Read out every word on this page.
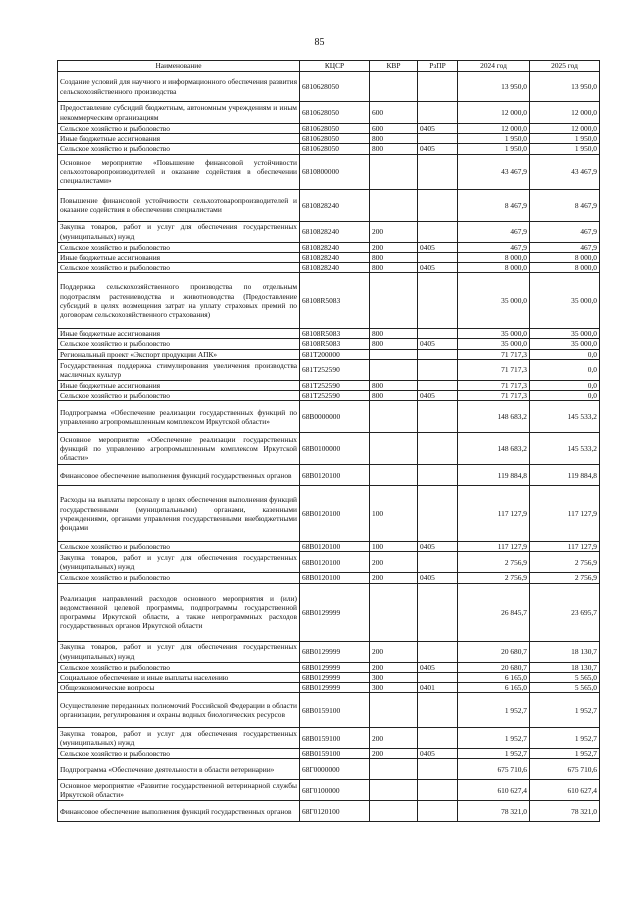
85
Наименование	КЦСР	КВР	РзПР	2024 год	2025 год
Создание условий для научного и информационного обеспечения развития сельскохозяйственного производства	6810628050			13 950,0	13 950,0
Предоставление субсидий бюджетным, автономным учреждениям и иным некоммерческим организациям	6810628050	600		12 000,0	12 000,0
Сельское хозяйство и рыболовство	6810628050	600	0405	12 000,0	12 000,0
Иные бюджетные ассигнования	6810628050	800		1 950,0	1 950,0
Сельское хозяйство и рыболовство	6810628050	800	0405	1 950,0	1 950,0
Основное мероприятие «Повышение финансовой устойчивости сельхозтоваропроизводителей и оказание содействия в обеспечении специалистами»	6810800000			43 467,9	43 467,9
Повышение финансовой устойчивости сельхозтоваропроизводителей и оказание содействия в обеспечении специалистами	6810828240			8 467,9	8 467,9
Закупка товаров, работ и услуг для обеспечения государственных (муниципальных) нужд	6810828240	200		467,9	467,9
Сельское хозяйство и рыболовство	6810828240	200	0405	467,9	467,9
Иные бюджетные ассигнования	6810828240	800		8 000,0	8 000,0
Сельское хозяйство и рыболовство	6810828240	800	0405	8 000,0	8 000,0
Поддержка сельскохозяйственного производства по отдельным подотраслям растениеводства и животноводства (Предоставление субсидий в целях возмещения затрат на уплату страховых премий по договорам сельскохозяйственного страхования)	68108R5083			35 000,0	35 000,0
Иные бюджетные ассигнования	68108R5083	800		35 000,0	35 000,0
Сельское хозяйство и рыболовство	68108R5083	800	0405	35 000,0	35 000,0
Региональный проект «Экспорт продукции АПК»	681T200000			71 717,3	0,0
Государственная поддержка стимулирования увеличения производства масличных культур	681T252590			71 717,3	0,0
Иные бюджетные ассигнования	681T252590	800		71 717,3	0,0
Сельское хозяйство и рыболовство	681T252590	800	0405	71 717,3	0,0
Подпрограмма «Обеспечение реализации государственных функций по управлению агропромышленным комплексом Иркутской области»	68B0000000			148 683,2	145 533,2
Основное мероприятие «Обеспечение реализации государственных функций по управлению агропромышленным комплексом Иркутской области»	68B0100000			148 683,2	145 533,2
Финансовое обеспечение выполнения функций государственных органов	68B0120100			119 884,8	119 884,8
Расходы на выплаты персоналу в целях обеспечения выполнения функций государственными (муниципальными) органами, казенными учреждениями, органами управления государственными внебюджетными фондами	68B0120100	100		117 127,9	117 127,9
Сельское хозяйство и рыболовство	68B0120100	100	0405	117 127,9	117 127,9
Закупка товаров, работ и услуг для обеспечения государственных (муниципальных) нужд	68B0120100	200		2 756,9	2 756,9
Сельское хозяйство и рыболовство	68B0120100	200	0405	2 756,9	2 756,9
Реализация направлений расходов основного мероприятия и (или) ведомственной целевой программы, подпрограммы государственной программы Иркутской области, а также непрограммных расходов государственных органов Иркутской области	68B0129999			26 845,7	23 695,7
Закупка товаров, работ и услуг для обеспечения государственных (муниципальных) нужд	68B0129999	200		20 680,7	18 130,7
Сельское хозяйство и рыболовство	68B0129999	200	0405	20 680,7	18 130,7
Социальное обеспечение и иные выплаты населению	68B0129999	300		6 165,0	5 565,0
Общеэкономические вопросы	68B0129999	300	0401	6 165,0	5 565,0
Осуществление переданных полномочий Российской Федерации в области организации, регулирования и охраны водных биологических ресурсов	68B0159100			1 952,7	1 952,7
Закупка товаров, работ и услуг для обеспечения государственных (муниципальных) нужд	68B0159100	200		1 952,7	1 952,7
Сельское хозяйство и рыболовство	68B0159100	200	0405	1 952,7	1 952,7
Подпрограмма «Обеспечение деятельности в области ветеринарии»	68Г0000000			675 710,6	675 710,6
Основное мероприятие «Развитие государственной ветеринарной службы Иркутской области»	68Г0100000			610 627,4	610 627,4
Финансовое обеспечение выполнения функций государственных органов	68Г0120100			78 321,0	78 321,0
